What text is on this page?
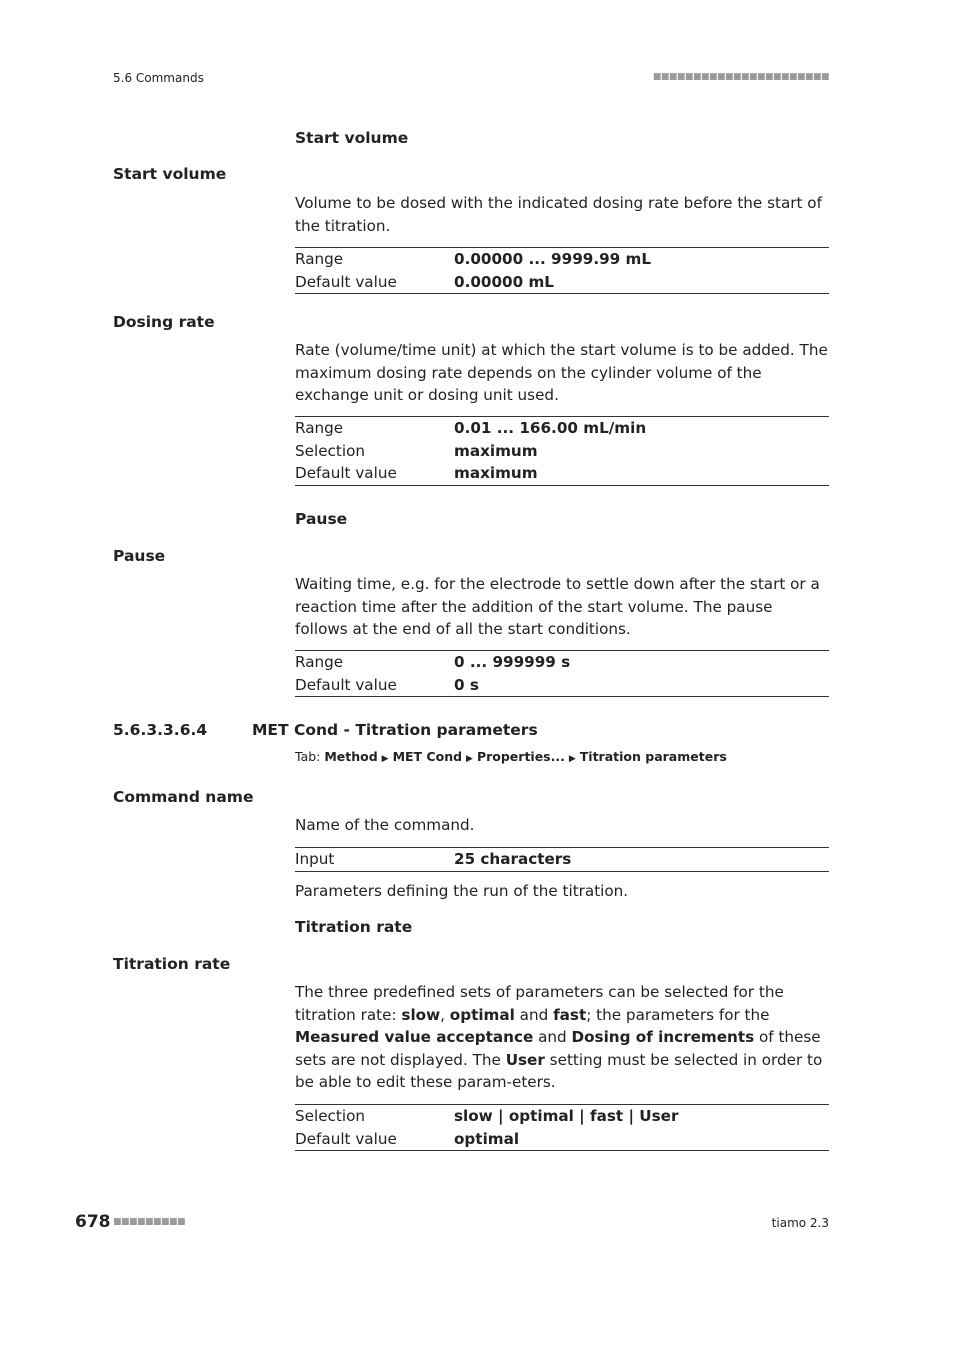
5.6 Commands	■■■■■■■■■■■■■■■■■■■■■■
Start volume
Start volume
Volume to be dosed with the indicated dosing rate before the start of the titration.
Range	0.00000 ... 9999.99 mL
Default value	0.00000 mL
Dosing rate
Rate (volume/time unit) at which the start volume is to be added. The maximum dosing rate depends on the cylinder volume of the exchange unit or dosing unit used.
Range	0.01 ... 166.00 mL/min
Selection	maximum
Default value	maximum
Pause
Pause
Waiting time, e.g. for the electrode to settle down after the start or a reaction time after the addition of the start volume. The pause follows at the end of all the start conditions.
Range	0 ... 999999 s
Default value	0 s
5.6.3.3.6.4	MET Cond - Titration parameters
Tab: Method ▶ MET Cond ▶ Properties... ▶ Titration parameters
Command name
Name of the command.
Input	25 characters
Parameters defining the run of the titration.
Titration rate
Titration rate
The three predefined sets of parameters can be selected for the titration rate: slow, optimal and fast; the parameters for the Measured value acceptance and Dosing of increments of these sets are not displayed. The User setting must be selected in order to be able to edit these param-eters.
Selection	slow | optimal | fast | User
Default value	optimal
678 ■■■■■■■■■	tiamo 2.3
